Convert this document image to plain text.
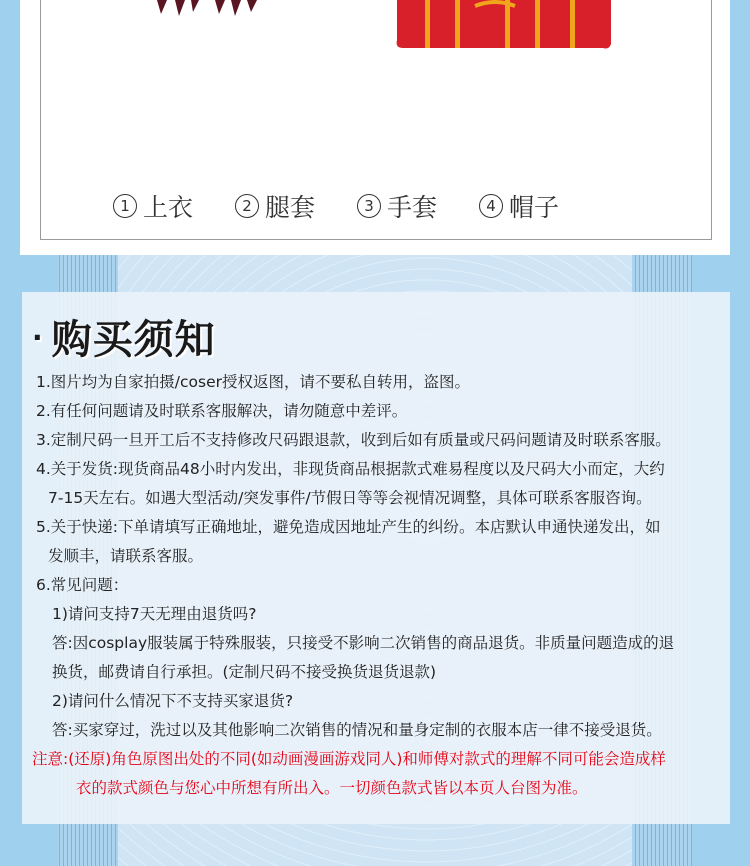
1 上衣	2 腿套	3 手套	4 帽子
· 购买须知
1.图片均为自家拍摄/coser授权返图，请不要私自转用，盗图。
2.有任何问题请及时联系客服解决，请勿随意中差评。
3.定制尺码一旦开工后不支持修改尺码跟退款，收到后如有质量或尺码问题请及时联系客服。
4.关于发货:现货商品48小时内发出，非现货商品根据款式难易程度以及尺码大小而定，大约
7-15天左右。如遇大型活动/突发事件/节假日等等会视情况调整，具体可联系客服咨询。
5.关于快递:下单请填写正确地址，避免造成因地址产生的纠纷。本店默认申通快递发出，如
发顺丰，请联系客服。
6.常见问题：
1)请问支持7天无理由退货吗?
答:因cosplay服装属于特殊服装，只接受不影响二次销售的商品退货。非质量问题造成的退
换货，邮费请自行承担。(定制尺码不接受换货退货退款)
2)请问什么情况下不支持买家退货?
答:买家穿过，洗过以及其他影响二次销售的情况和量身定制的衣服本店一律不接受退货。
注意:(还原)角色原图出处的不同(如动画漫画游戏同人)和师傅对款式的理解不同可能会造成样
衣的款式颜色与您心中所想有所出入。一切颜色款式皆以本页人台图为准。
